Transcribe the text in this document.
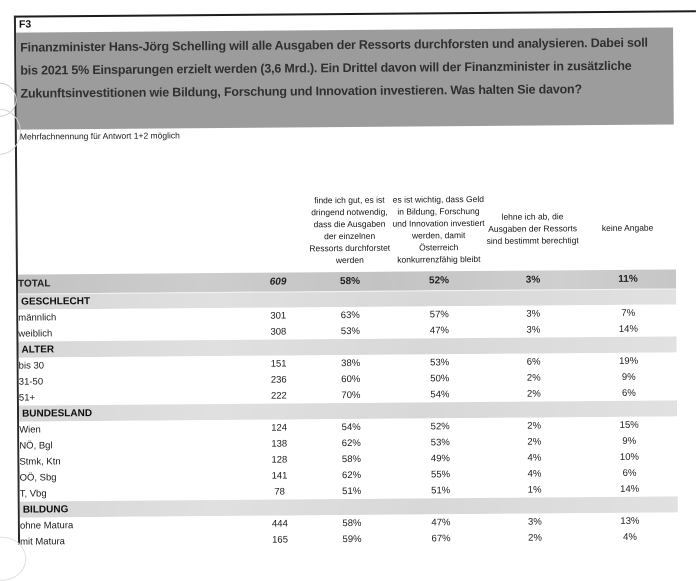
F3
Finanzminister Hans-Jörg Schelling will alle Ausgaben der Ressorts durchforsten und analysieren. Dabei soll bis 2021 5% Einsparungen erzielt werden (3,6 Mrd.). Ein Drittel davon will der Finanzminister in zusätzliche Zukunftsinvestitionen wie Bildung, Forschung und Innovation investieren. Was halten Sie davon?
Mehrfachnennung für Antwort 1+2 möglich
		finde ich gut, es ist dringend notwendig, dass die Ausgaben der einzelnen Ressorts durchforstet werden	es ist wichtig, dass Geld in Bildung, Forschung und Innovation investiert werden, damit Österreich konkurrenzfähig bleibt	lehne ich ab, die Ausgaben der Ressorts sind bestimmt berechtigt	keine Angabe
TOTAL	609	58%	52%	3%	11%
GESCHLECHT					
männlich	301	63%	57%	3%	7%
weiblich	308	53%	47%	3%	14%
ALTER					
bis 30	151	38%	53%	6%	19%
31-50	236	60%	50%	2%	9%
51+	222	70%	54%	2%	6%
BUNDESLAND					
Wien	124	54%	52%	2%	15%
NÖ, Bgl	138	62%	53%	2%	9%
Stmk, Ktn	128	58%	49%	4%	10%
OÖ, Sbg	141	62%	55%	4%	6%
T, Vbg	78	51%	51%	1%	14%
BILDUNG					
ohne Matura	444	58%	47%	3%	13%
mit Matura	165	59%	67%	2%	4%
